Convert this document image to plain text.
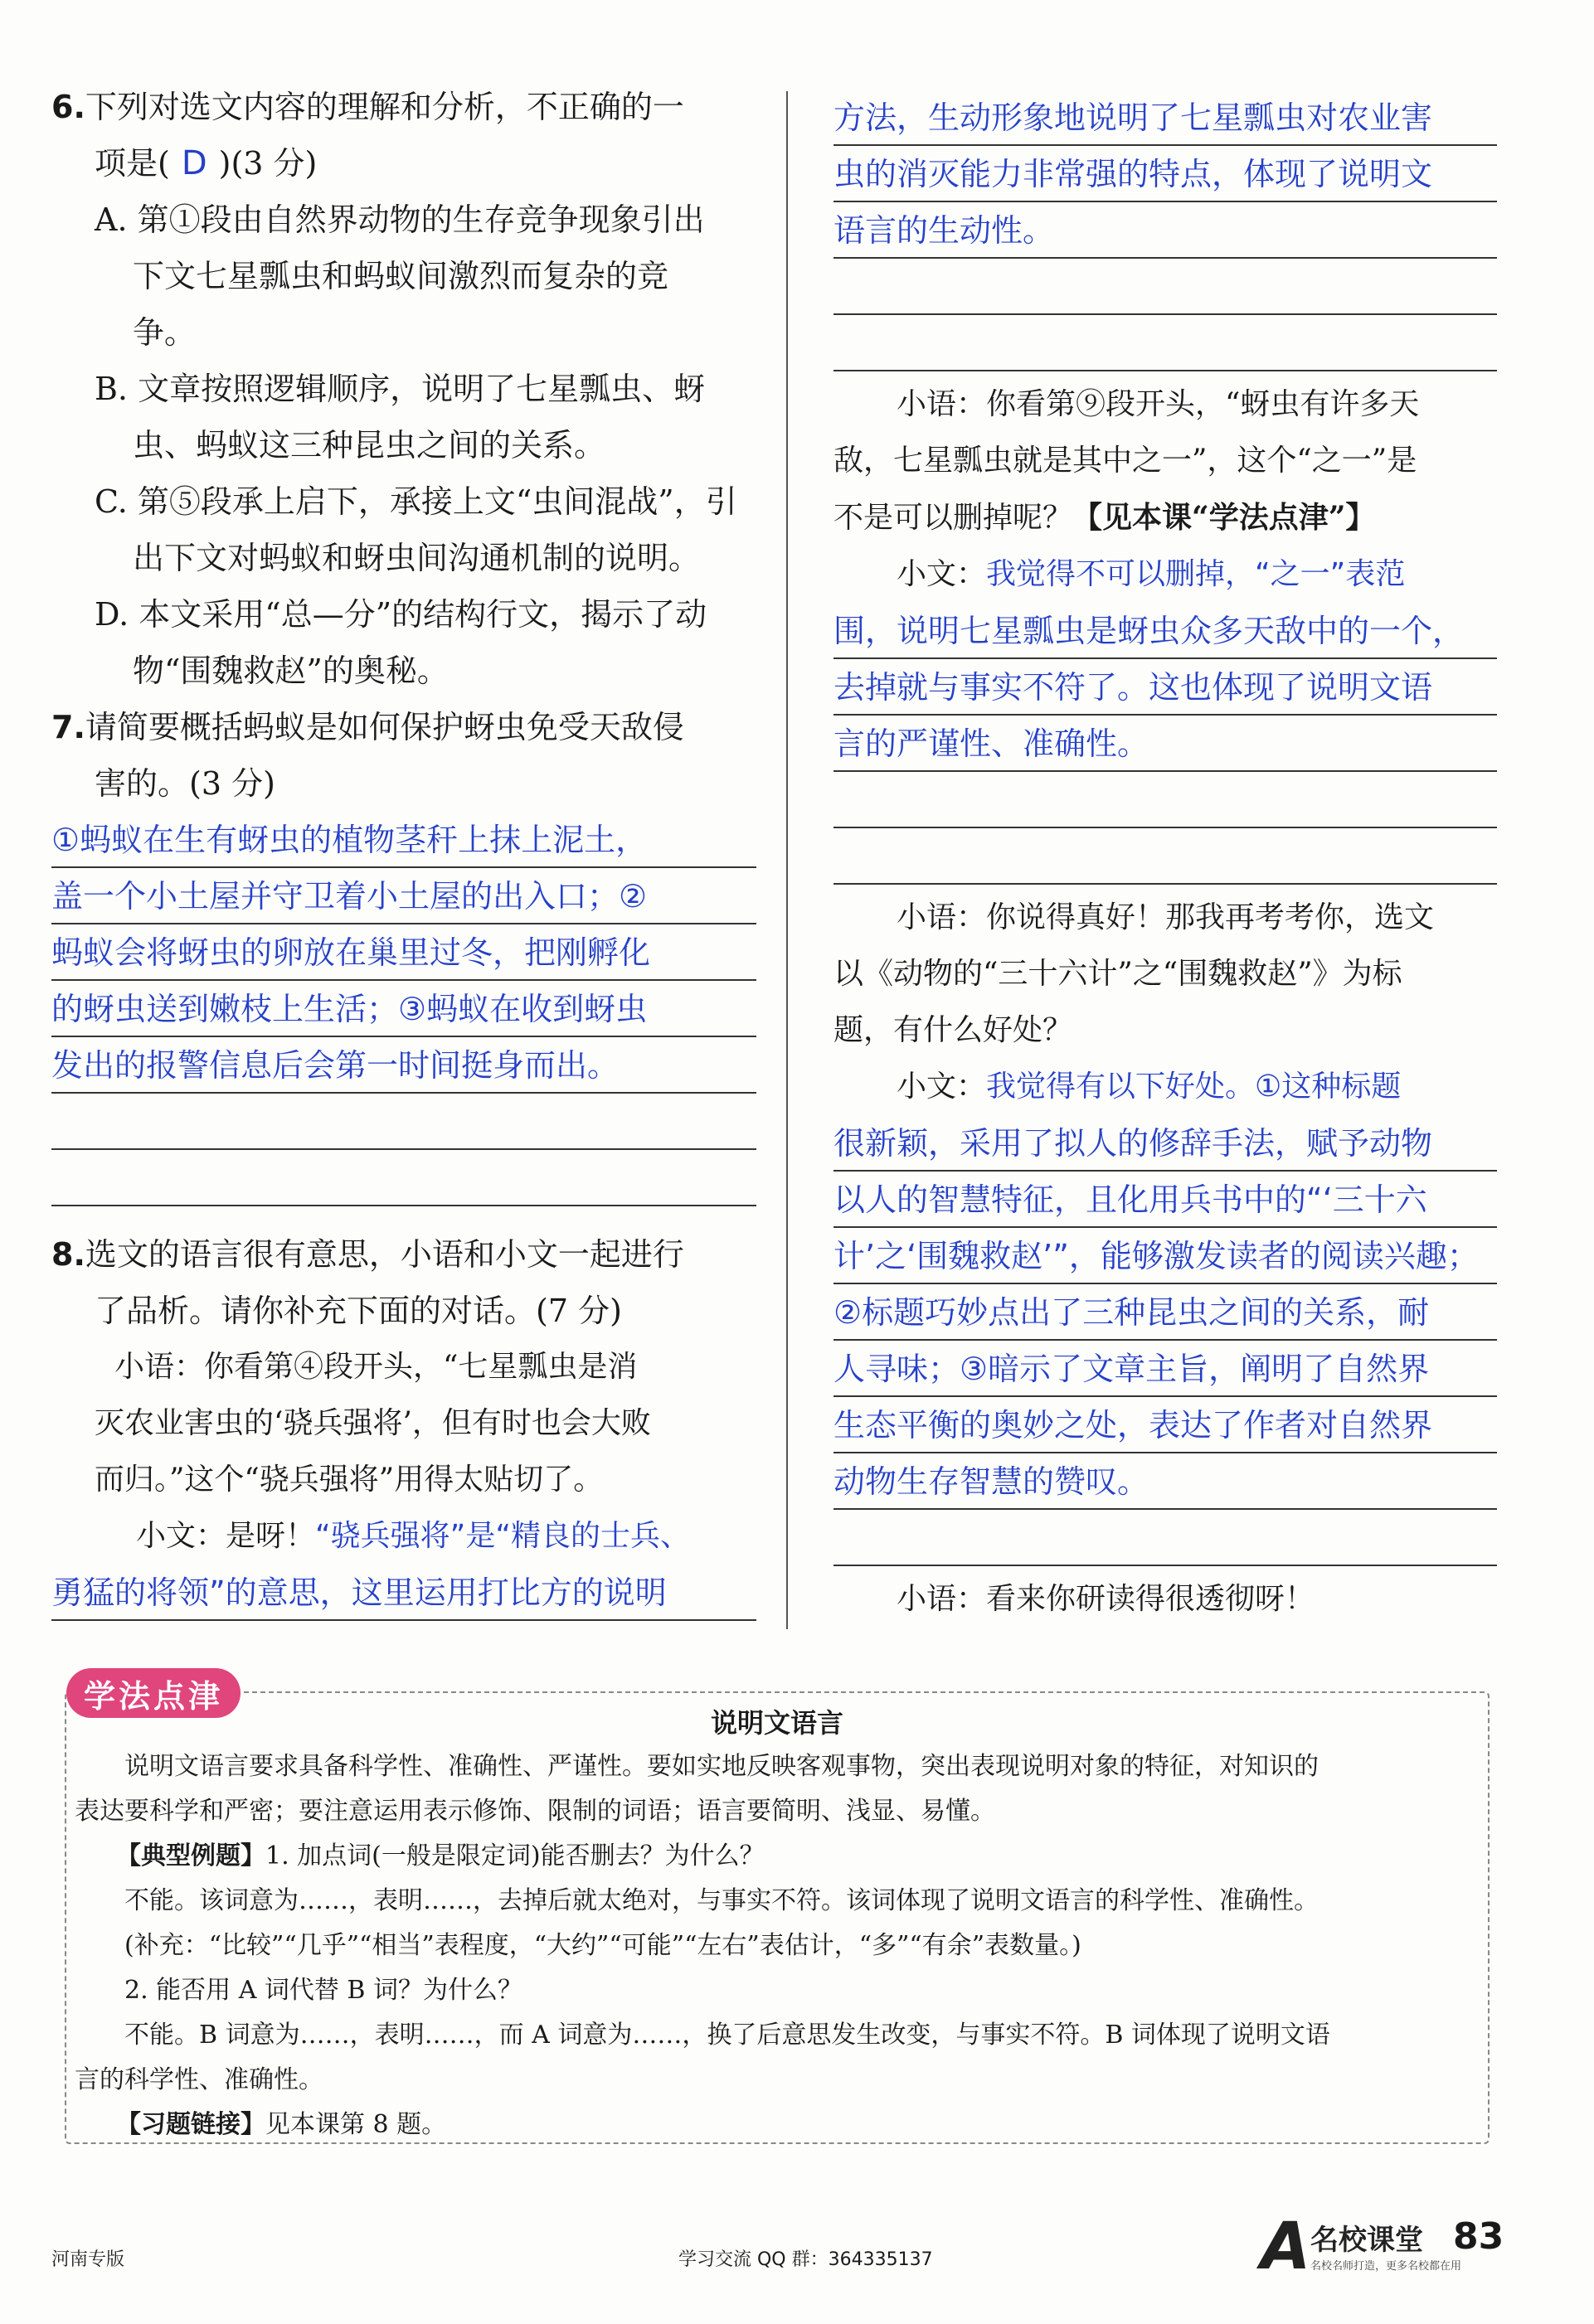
6.下列对选文内容的理解和分析，不正确的一

项是( D )(3 分)

A. 第①段由自然界动物的生存竞争现象引出

下文七星瓢虫和蚂蚁间激烈而复杂的竞

争。

B. 文章按照逻辑顺序，说明了七星瓢虫、蚜

虫、蚂蚁这三种昆虫之间的关系。

C. 第⑤段承上启下，承接上文“虫间混战”，引

出下文对蚂蚁和蚜虫间沟通机制的说明。

D. 本文采用“总—分”的结构行文，揭示了动

物“围魏救赵”的奥秘。

7.请简要概括蚂蚁是如何保护蚜虫免受天敌侵

害的。(3 分)

①蚂蚁在生有蚜虫的植物茎秆上抹上泥土，

盖一个小土屋并守卫着小土屋的出入口；②

蚂蚁会将蚜虫的卵放在巢里过冬，把刚孵化

的蚜虫送到嫩枝上生活；③蚂蚁在收到蚜虫

发出的报警信息后会第一时间挺身而出。

8.选文的语言很有意思，小语和小文一起进行

了品析。请你补充下面的对话。(7 分)

小语：你看第④段开头，“七星瓢虫是消

灭农业害虫的‘骁兵强将’，但有时也会大败

而归。”这个“骁兵强将”用得太贴切了。

小文：是呀！“骁兵强将”是“精良的士兵、

勇猛的将领”的意思，这里运用打比方的说明

方法，生动形象地说明了七星瓢虫对农业害

虫的消灭能力非常强的特点，体现了说明文

语言的生动性。

小语：你看第⑨段开头，“蚜虫有许多天

敌，七星瓢虫就是其中之一”，这个“之一”是

不是可以删掉呢？【见本课“学法点津”】

小文：我觉得不可以删掉，“之一”表范

围，说明七星瓢虫是蚜虫众多天敌中的一个，

去掉就与事实不符了。这也体现了说明文语

言的严谨性、准确性。

小语：你说得真好！那我再考考你，选文

以《动物的“三十六计”之“围魏救赵”》为标

题，有什么好处？

小文：我觉得有以下好处。①这种标题

很新颖，采用了拟人的修辞手法，赋予动物

以人的智慧特征，且化用兵书中的“‘三十六

计’之‘围魏救赵’”，能够激发读者的阅读兴趣；

②标题巧妙点出了三种昆虫之间的关系，耐

人寻味；③暗示了文章主旨，阐明了自然界

生态平衡的奥妙之处，表达了作者对自然界

动物生存智慧的赞叹。

小语：看来你研读得很透彻呀！

说明文语言

说明文语言要求具备科学性、准确性、严谨性。要如实地反映客观事物，突出表现说明对象的特征，对知识的

表达要科学和严密；要注意运用表示修饰、限制的词语；语言要简明、浅显、易懂。

【典型例题】1. 加点词(一般是限定词)能否删去？为什么？

不能。该词意为……，表明……，去掉后就太绝对，与事实不符。该词体现了说明文语言的科学性、准确性。

(补充：“比较”“几乎”“相当”表程度，“大约”“可能”“左右”表估计，“多”“有余”表数量。)

2. 能否用 A 词代替 B 词？为什么？

不能。B 词意为……，表明……，而 A 词意为……，换了后意思发生改变，与事实不符。B 词体现了说明文语

言的科学性、准确性。

【习题链接】见本课第 8 题。

学法点津
河南专版	学习交流 QQ 群：364335137	A 名校课堂
名校名师打造，更多名校都在用
83
